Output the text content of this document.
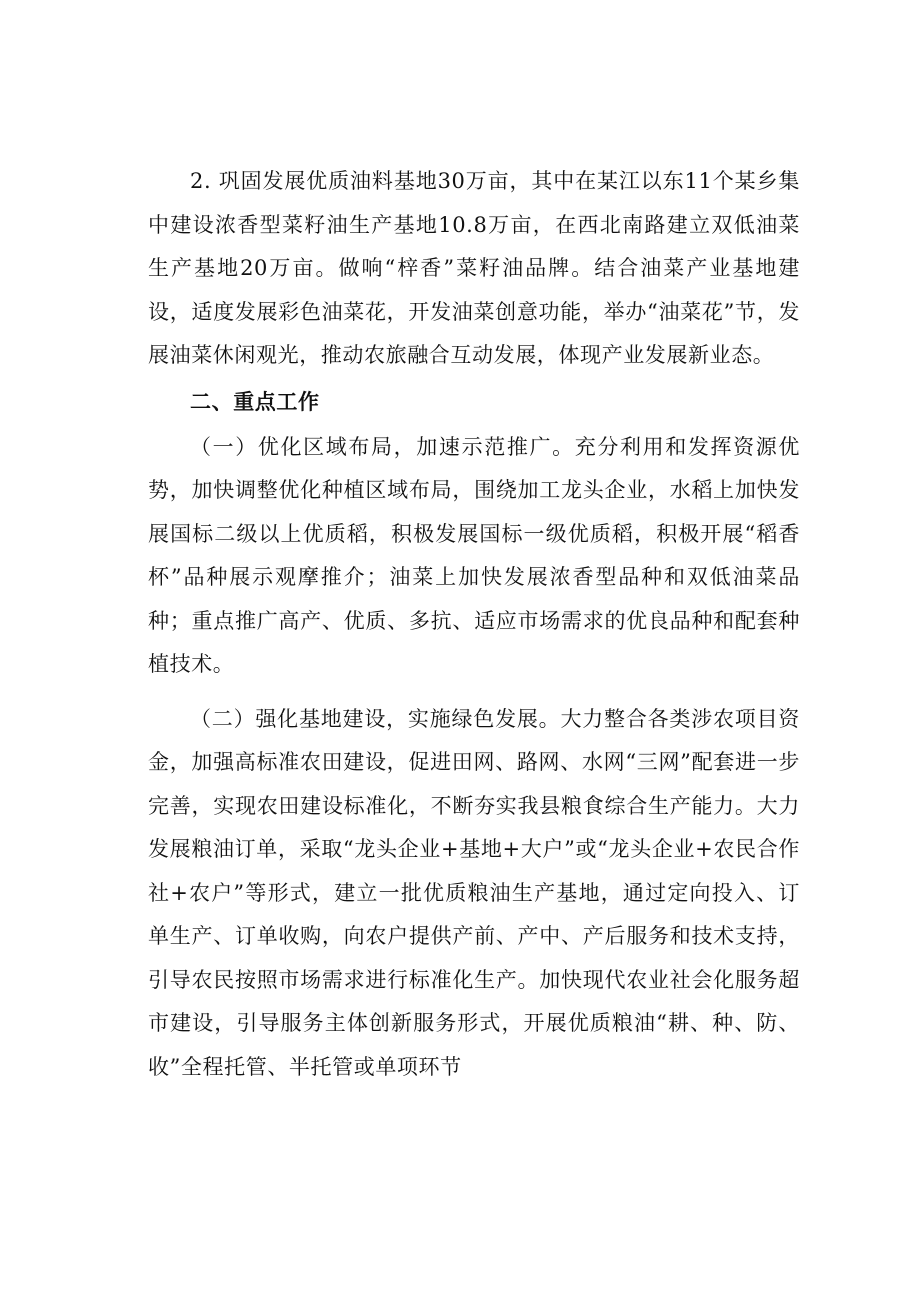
2. 巩固发展优质油料基地30万亩，其中在某江以东11个某乡集中建设浓香型菜籽油生产基地10.8万亩，在西北南路建立双低油菜生产基地20万亩。做响“梓香”菜籽油品牌。结合油菜产业基地建设，适度发展彩色油菜花，开发油菜创意功能，举办“油菜花”节，发展油菜休闲观光，推动农旅融合互动发展，体现产业发展新业态。

二、重点工作

（一）优化区域布局，加速示范推广。充分利用和发挥资源优势，加快调整优化种植区域布局，围绕加工龙头企业，水稻上加快发展国标二级以上优质稻，积极发展国标一级优质稻，积极开展“稻香杯”品种展示观摩推介；油菜上加快发展浓香型品种和双低油菜品种；重点推广高产、优质、多抗、适应市场需求的优良品种和配套种植技术。

（二）强化基地建设，实施绿色发展。大力整合各类涉农项目资金，加强高标准农田建设，促进田网、路网、水网“三网”配套进一步完善，实现农田建设标准化，不断夯实我县粮食综合生产能力。大力发展粮油订单，采取“龙头企业+基地+大户”或“龙头企业+农民合作社+农户”等形式，建立一批优质粮油生产基地，通过定向投入、订单生产、订单收购，向农户提供产前、产中、产后服务和技术支持，引导农民按照市场需求进行标准化生产。加快现代农业社会化服务超市建设，引导服务主体创新服务形式，开展优质粮油“耕、种、防、收”全程托管、半托管或单项环节
